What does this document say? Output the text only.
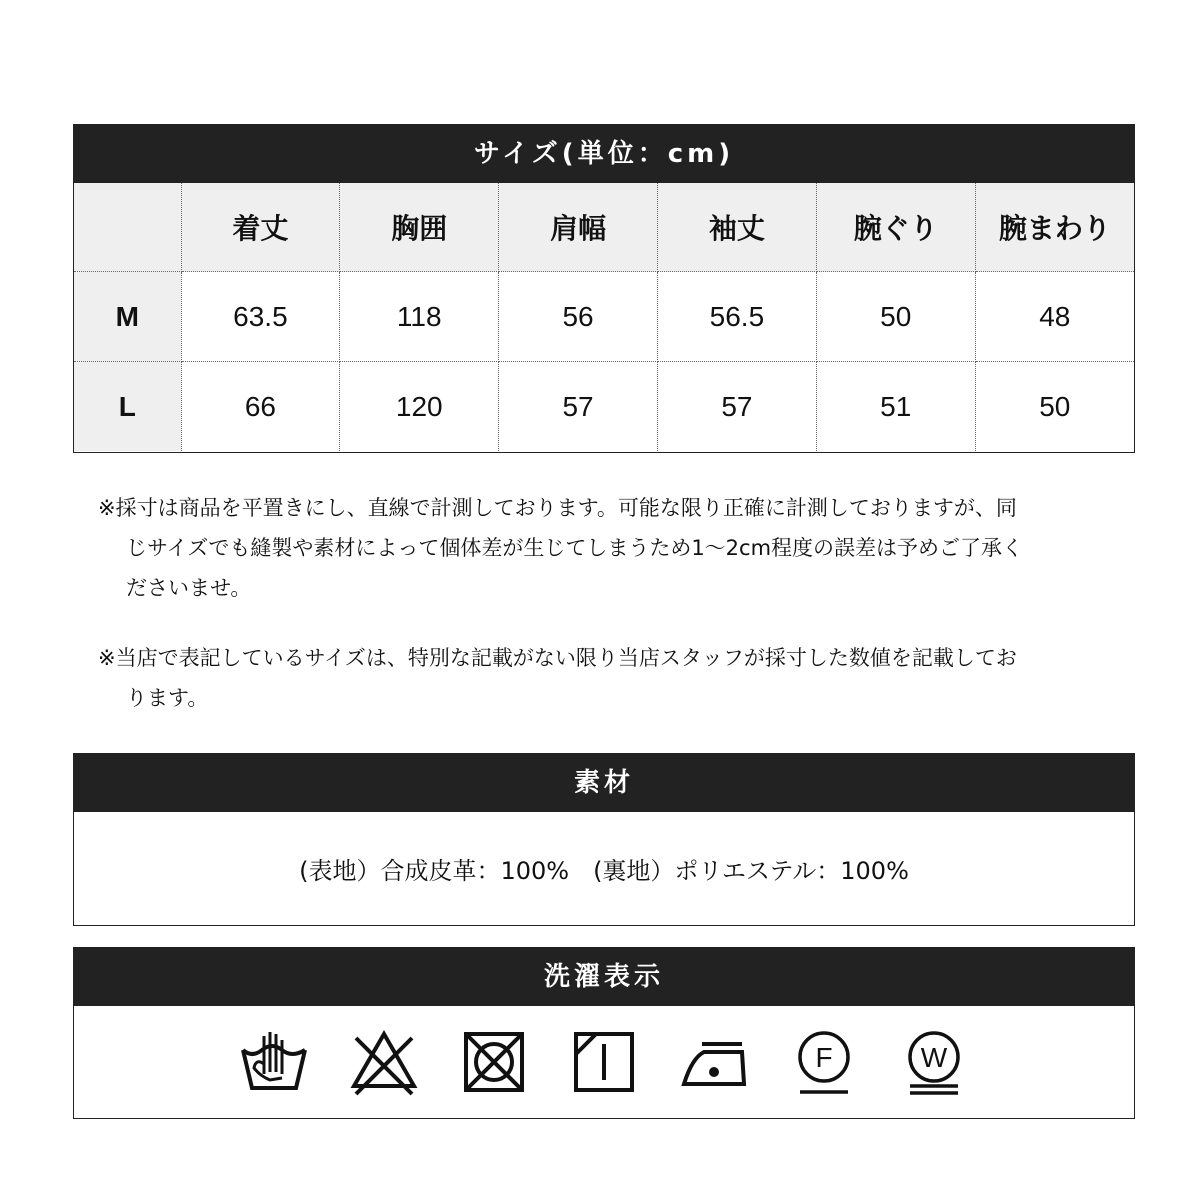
サイズ(単位：cm)
	着丈	胸囲	肩幅	袖丈	腕ぐり	腕まわり
M	63.5	118	56	56.5	50	48
L	66	120	57	57	51	50

※採寸は商品を平置きにし、直線で計測しております。可能な限り正確に計測しておりますが、同じサイズでも縫製や素材によって個体差が生じてしまうため1〜2cm程度の誤差は予めご了承くださいませ。

※当店で表記しているサイズは、特別な記載がない限り当店スタッフが採寸した数値を記載しております。

素材
(表地）合成皮革：100%　(裏地）ポリエステル：100%
洗濯表示
F	W
